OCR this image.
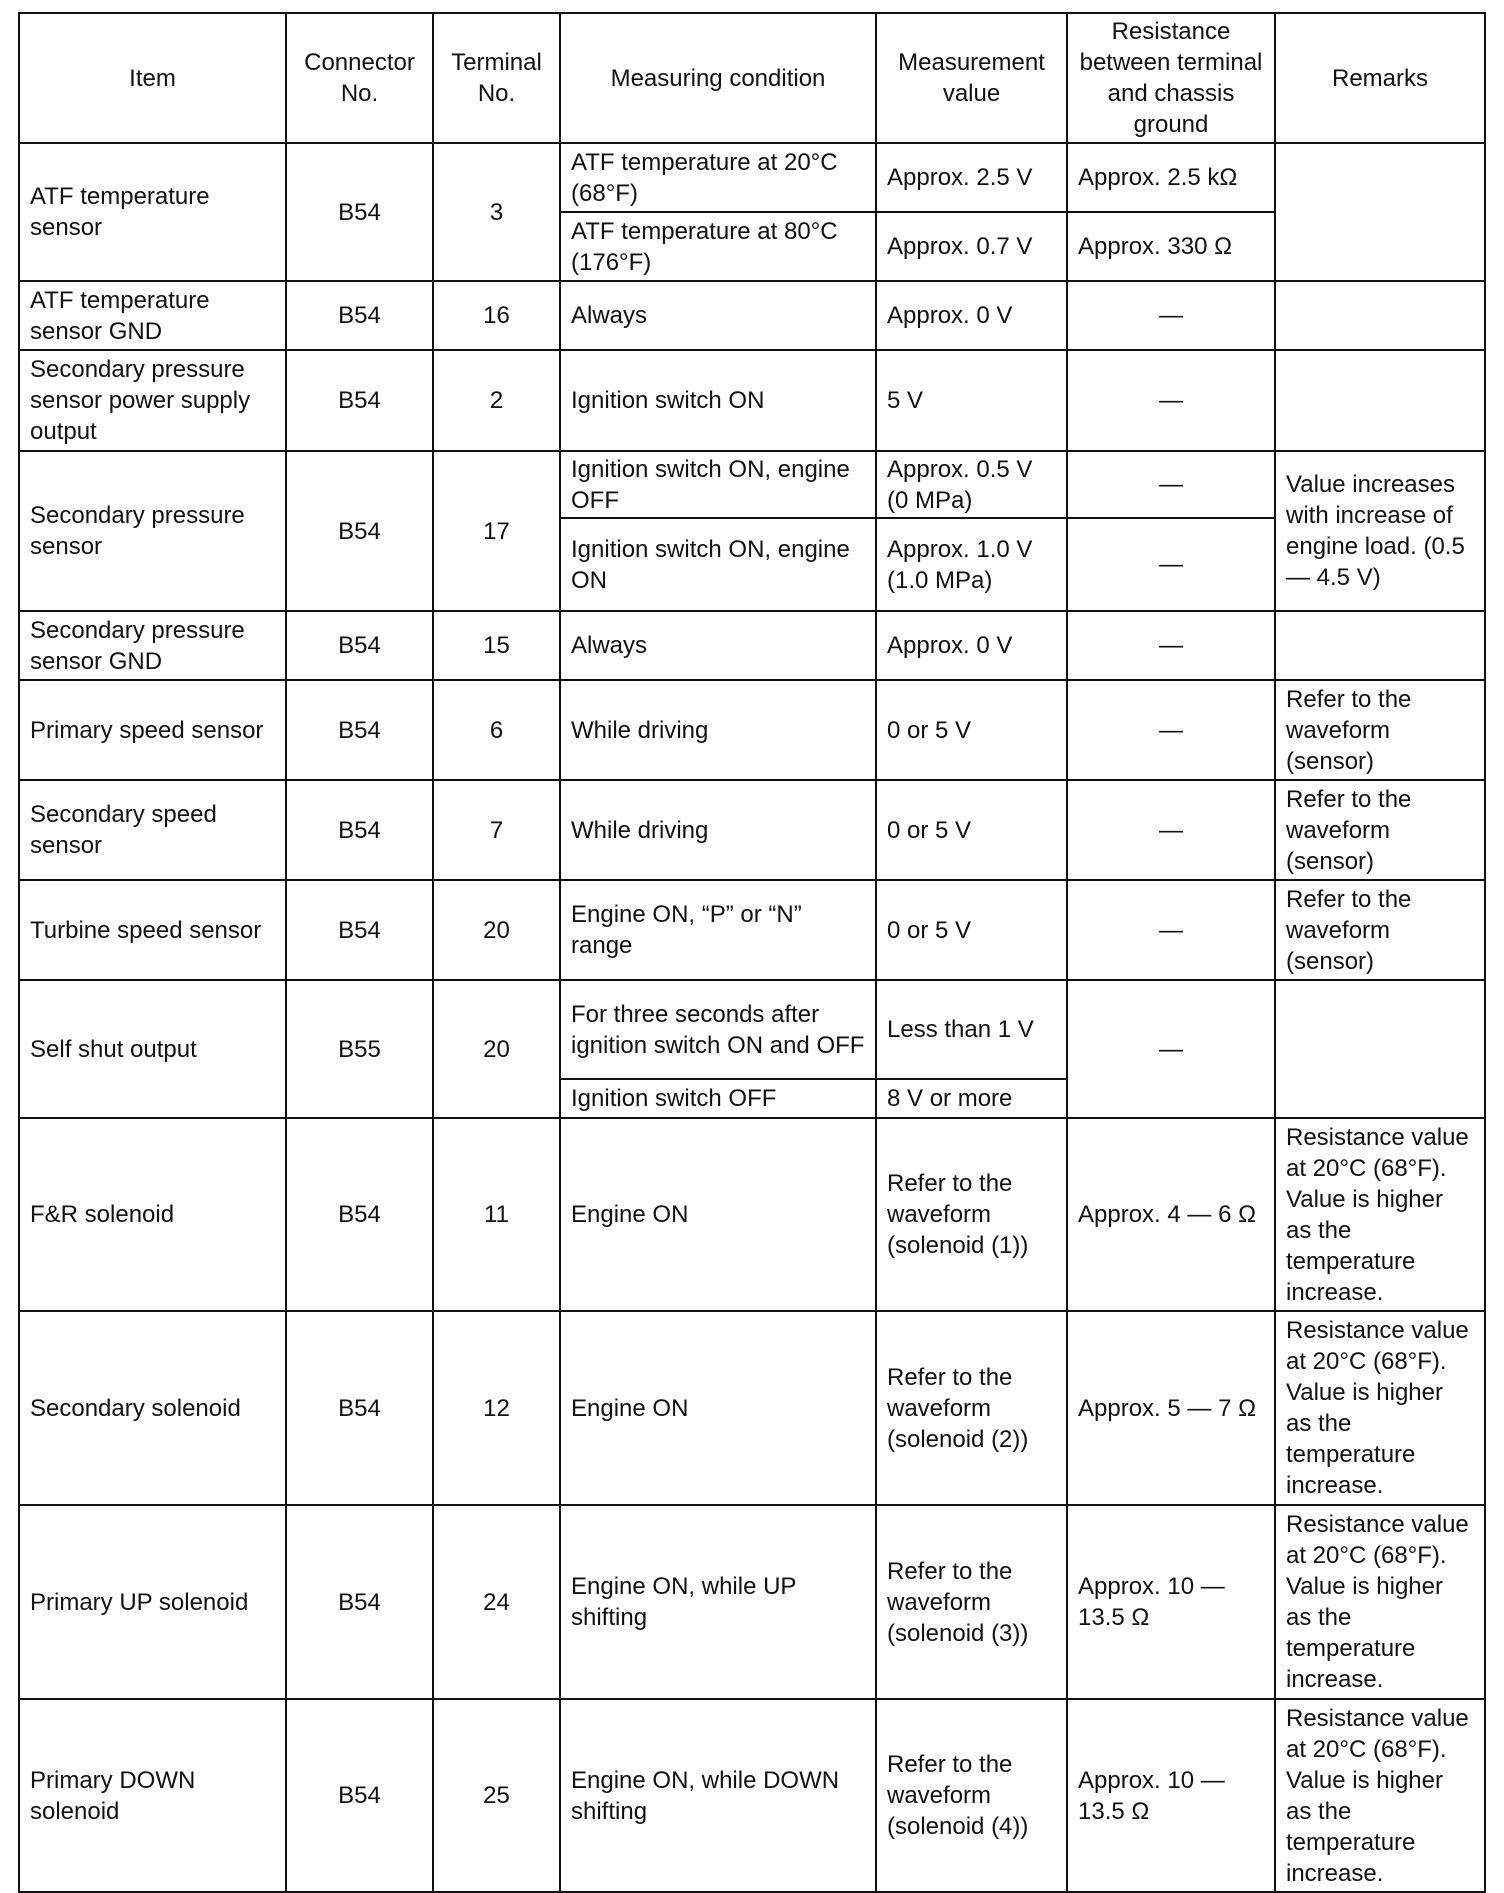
Item	Connector No.	Terminal No.	Measuring condition	Measurement value	Resistance between terminal and chassis ground	Remarks
ATF temperature sensor	B54	3	ATF temperature at 20°C (68°F)	Approx. 2.5 V	Approx. 2.5 kΩ	
			ATF temperature at 80°C (176°F)	Approx. 0.7 V	Approx. 330 Ω	
ATF temperature sensor GND	B54	16	Always	Approx. 0 V	—	
Secondary pressure sensor power supply output	B54	2	Ignition switch ON	5 V	—	
Secondary pressure sensor	B54	17	Ignition switch ON, engine OFF	Approx. 0.5 V (0 MPa)	—	Value increases with increase of engine load. (0.5 — 4.5 V)
			Ignition switch ON, engine ON	Approx. 1.0 V (1.0 MPa)	—	
Secondary pressure sensor GND	B54	15	Always	Approx. 0 V	—	
Primary speed sensor	B54	6	While driving	0 or 5 V	—	Refer to the waveform (sensor)
Secondary speed sensor	B54	7	While driving	0 or 5 V	—	Refer to the waveform (sensor)
Turbine speed sensor	B54	20	Engine ON, “P” or “N” range	0 or 5 V	—	Refer to the waveform (sensor)
Self shut output	B55	20	For three seconds after ignition switch ON and OFF	Less than 1 V	—	
			Ignition switch OFF	8 V or more		
F&R solenoid	B54	11	Engine ON	Refer to the waveform (solenoid (1))	Approx. 4 — 6 Ω	Resistance value at 20°C (68°F). Value is higher as the temperature increase.
Secondary solenoid	B54	12	Engine ON	Refer to the waveform (solenoid (2))	Approx. 5 — 7 Ω	Resistance value at 20°C (68°F). Value is higher as the temperature increase.
Primary UP solenoid	B54	24	Engine ON, while UP shifting	Refer to the waveform (solenoid (3))	Approx. 10 — 13.5 Ω	Resistance value at 20°C (68°F). Value is higher as the temperature increase.
Primary DOWN solenoid	B54	25	Engine ON, while DOWN shifting	Refer to the waveform (solenoid (4))	Approx. 10 — 13.5 Ω	Resistance value at 20°C (68°F). Value is higher as the temperature increase.
